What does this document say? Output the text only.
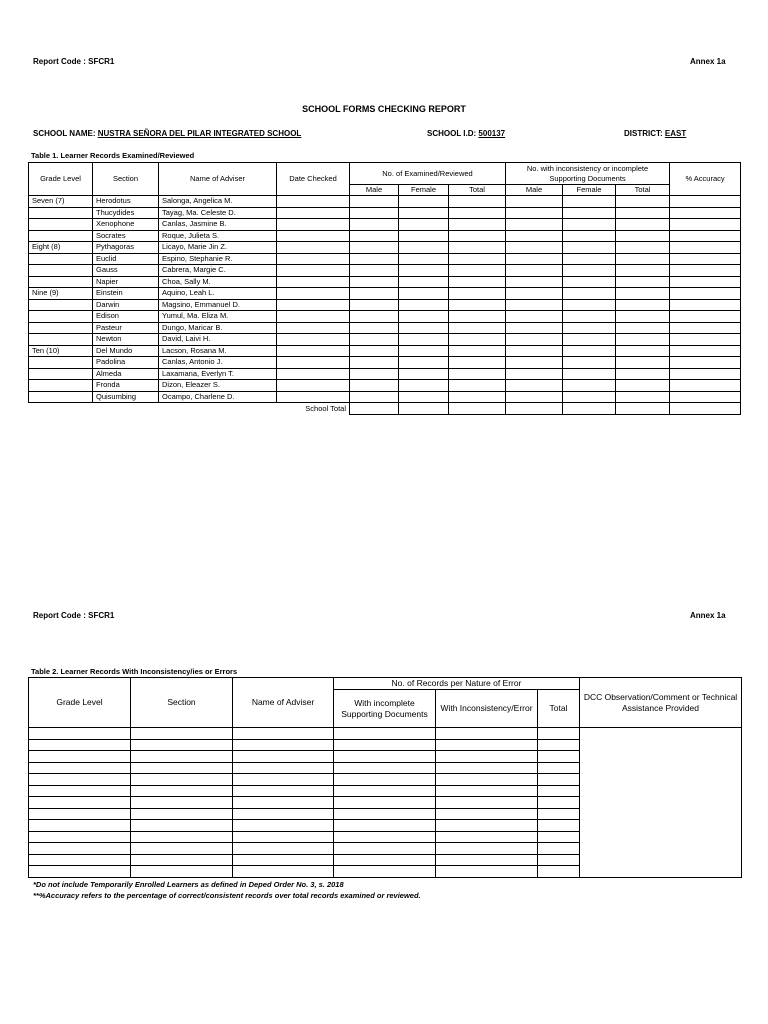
Report Code : SFCR1	Annex 1a
SCHOOL FORMS CHECKING REPORT
SCHOOL NAME: NUSTRA SEÑORA DEL PILAR INTEGRATED SCHOOL	SCHOOL I.D: 500137	DISTRICT: EAST
Table 1. Learner Records Examined/Reviewed
Grade Level	Section	Name of Adviser	Date Checked	No. of Examined/Reviewed			No. with inconsistency or incomplete Supporting Documents			% Accuracy
				Male	Female	Total	Male	Female	Total	
Seven (7)	Herodotus	Salonga, Angelica M.								
	Thucydides	Tayag, Ma. Celeste D.								
	Xenophone	Canlas, Jasmine B.								
	Socrates	Roque, Julieta S.								
Eight (8)	Pythagoras	Licayo, Marie Jin Z.								
	Euclid	Espino, Stephanie R.								
	Gauss	Cabrera, Margie C.								
	Napier	Choa, Sally M.								
Nine (9)	Einstein	Aquino, Leah L.								
	Darwin	Magsino, Emmanuel D.								
	Edison	Yumul, Ma. Eliza M.								
	Pasteur	Dungo, Maricar B.								
	Newton	David, Laivi H.								
Ten (10)	Del Mundo	Lacson, Rosana M.								
	Padolina	Canlas, Antonio J.								
	Almeda	Laxamana, Everlyn T.								
	Fronda	Dizon, Eleazer S.								
	Quisumbing	Ocampo, Charlene D.								
School Total										
Report Code : SFCR1	Annex 1a
Table 2. Learner Records With Inconsistency/ies or Errors
Grade Level	Section	Name of Adviser	No. of Records per Nature of Error			DCC Observation/Comment or Technical Assistance Provided
			With incomplete Supporting Documents	With Inconsistency/Error	Total	

*Do not include Temporarily Enrolled Learners as defined in Deped Order No. 3, s. 2018
**%Accuracy refers to the percentage of correct/consistent records over total records examined or reviewed.
